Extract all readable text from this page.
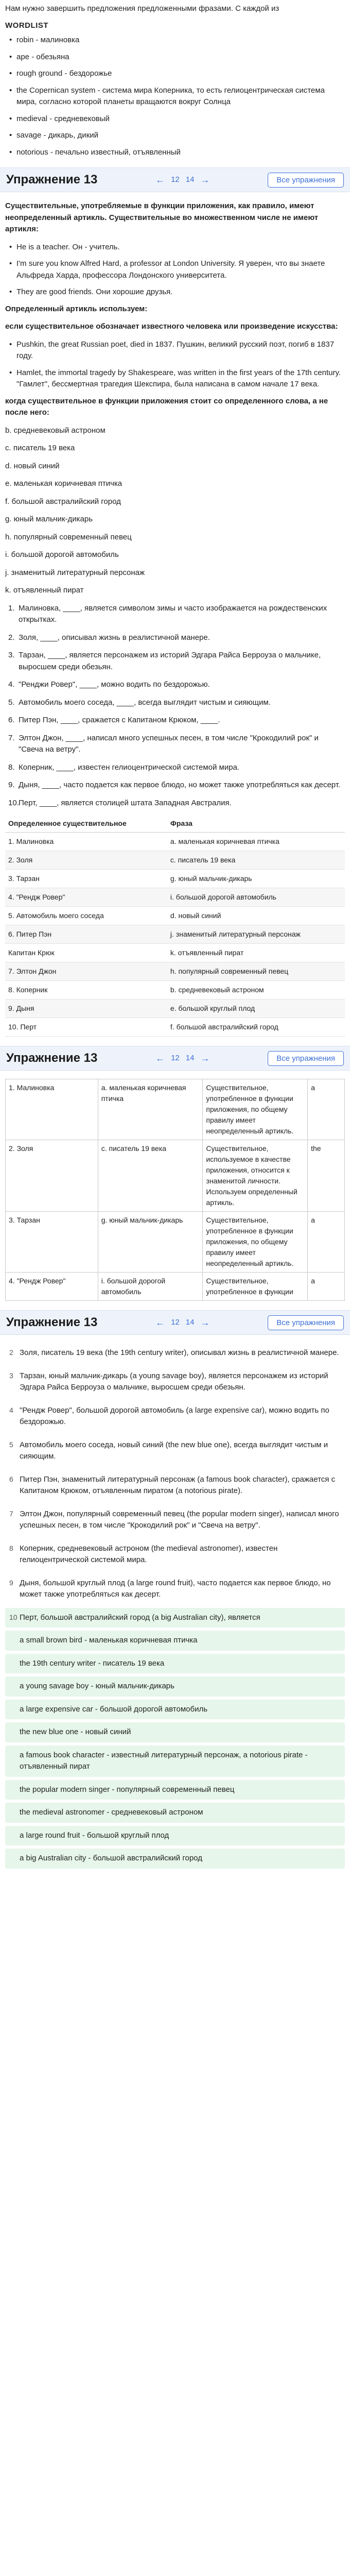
Нам нужно завершить предложения предложенными фразами. С каждой из

WORDLIST
• robin - малиновка
• ape - обезьяна
• rough ground - бездорожье
• the Copernican system - система мира Коперника, то есть гелиоцентрическая система мира, согласно которой планеты вращаются вокруг Солнца
• medieval - средневековый
• savage - дикарь, дикий
• notorious - печально известный, отъявленный
Упражнение 13	← 12 14 →	Все упражнения

Существительные, употребляемые в функции приложения, как правило, имеют неопределенный артикль. Существительные во множественном числе не имеют артикля:

• He is a teacher. Он - учитель.
• I'm sure you know Alfred Hard, a professor at London University. Я уверен, что вы знаете Альфреда Харда, профессора Лондонского университета.
• They are good friends. Они хорошие друзья.

Определенный артикль используем:

если существительное обозначает известного человека или произведение искусства:

• Pushkin, the great Russian poet, died in 1837. Пушкин, великий русский поэт, погиб в 1837 году.
• Hamlet, the immortal tragedy by Shakespeare, was written in the first years of the 17th century. "Гамлет", бессмертная трагедия Шекспира, была написана в самом начале 17 века.

когда существительное в функции приложения стоит со определенного слова, а не после него:

b. средневековый астроном

c. писатель 19 века

d. новый синий

e. маленькая коричневая птичка

f. большой австралийский город

g. юный мальчик-дикарь

h. популярный современный певец

i. большой дорогой автомобиль

j. знаменитый литературный персонаж

k. отъявленный пират

Малиновка, ____, является символом зимы и часто изображается на рождественских открытках.
Золя, ____, описывал жизнь в реалистичной манере.
Тарзан, ____, является персонажем из историй Эдгара Райса Берроуза о мальчике, выросшем среди обезьян.
"Ренджи Ровер", ____, можно водить по бездорожью.
Автомобиль моего соседа, ____, всегда выглядит чистым и сияющим.
Питер Пэн, ____, сражается с Капитаном Крюком, ____.
Элтон Джон, ____, написал много успешных песен, в том числе "Крокодилий рок" и "Свеча на ветру".
Коперник, ____, известен гелиоцентрической системой мира.
Дыня, ____, часто подается как первое блюдо, но может также употребляться как десерт.
Перт, ____, является столицей штата Западная Австралия.
Определенное существительное	Фраза
1. Малиновка	a. маленькая коричневая птичка
2. Золя	c. писатель 19 века
3. Тарзан	g. юный мальчик-дикарь
4. "Рендж Ровер"	i. большой дорогой автомобиль
5. Автомобиль моего соседа	d. новый синий
6. Питер Пэн	j. знаменитый литературный персонаж
Капитан Крюк	k. отъявленный пират
7. Элтон Джон	h. популярный современный певец
8. Коперник	b. средневековый астроном
9. Дыня	e. большой круглый плод
10. Перт	f. большой австралийский город
Упражнение 13	← 12 14 →	Все упражнения
1. Малиновка	a. маленькая коричневая птичка	Существительное, употребленное в функции приложения, по общему правилу имеет неопределенный артикль.	a
2. Золя	c. писатель 19 века	Существительное, используемое в качестве приложения, относится к знаменитой личности. Используем определенный артикль.	the
3. Тарзан	g. юный мальчик-дикарь	Существительное, употребленное в функции приложения, по общему правилу имеет неопределенный артикль.	a
4. "Рендж Ровер"	i. большой дорогой автомобиль	Существительное, употребленное в функции	a
Упражнение 13	← 12 14 →	Все упражнения
2 Золя, писатель 19 века (the 19th century writer), описывал жизнь в реалистичной манере.
3 Тарзан, юный мальчик-дикарь (a young savage boy), является персонажем из историй Эдгара Райса Берроуза о мальчике, выросшем среди обезьян.
4 "Рендж Ровер", большой дорогой автомобиль (a large expensive car), можно водить по бездорожью.
5 Автомобиль моего соседа, новый синий (the new blue one), всегда выглядит чистым и сияющим.
6 Питер Пэн, знаменитый литературный персонаж (a famous book character), сражается с Капитаном Крюком, отъявленным пиратом (a notorious pirate).
7 Элтон Джон, популярный современный певец (the popular modern singer), написал много успешных песен, в том числе "Крокодилий рок" и "Свеча на ветру".
8 Коперник, средневековый астроном (the medieval astronomer), известен гелиоцентрической системой мира.
9 Дыня, большой круглый плод (a large round fruit), часто подается как первое блюдо, но может также употребляться как десерт.
10 Перт, большой австралийский город (a big Australian city), является
a small brown bird - маленькая коричневая птичка
the 19th century writer - писатель 19 века
a young savage boy - юный мальчик-дикарь
a large expensive car - большой дорогой автомобиль
the new blue one - новый синий
a famous book character - известный литературный персонаж, a notorious pirate - отъявленный пират
the popular modern singer - популярный современный певец
the medieval astronomer - средневековый астроном
a large round fruit - большой круглый плод
a big Australian city - большой австралийский город
